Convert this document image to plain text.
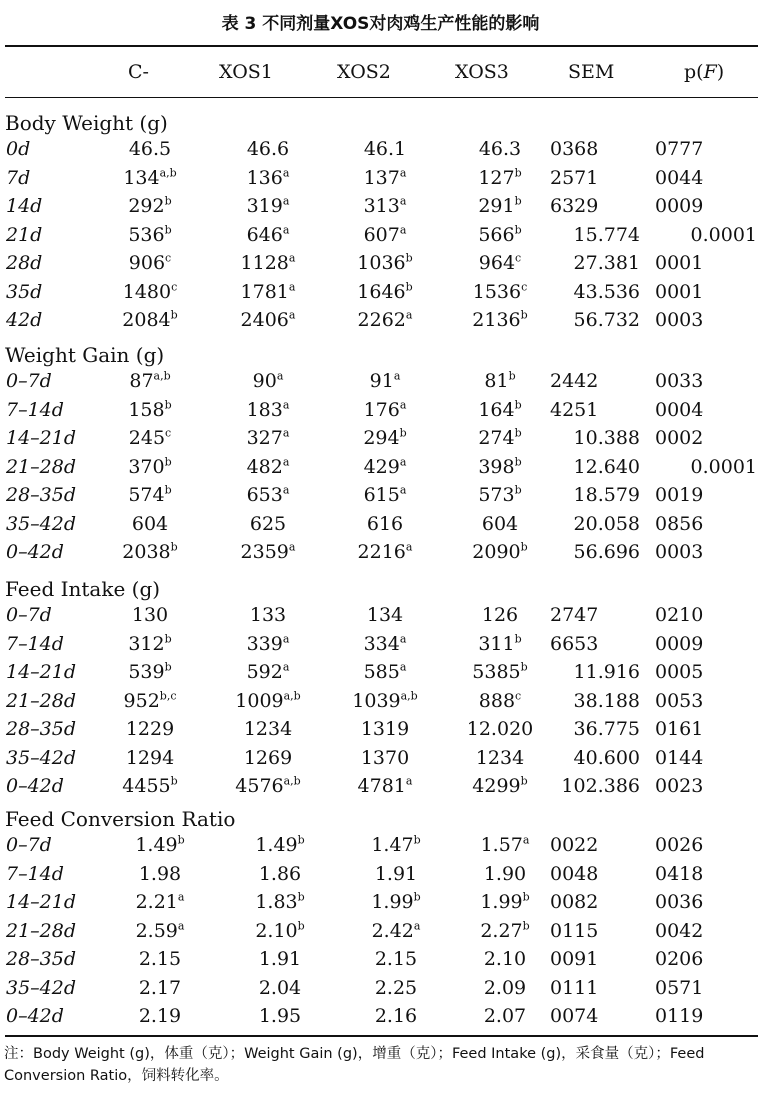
表 3 不同剂量XOS对肉鸡生产性能的影响
C-	XOS1	XOS2	XOS3	SEM	p(F)
Body Weight (g)
0d	46.5	46.6	46.1	46.3 0368	0777
7d	134$^{a,b}$	136$^a$	137$^a$	127$^b$ 2571	0044
14d	292$^b$	319$^a$	313$^a$	291$^b$ 6329	0009
21d	536$^b$	646$^a$	607$^a$	566$^b$	15.774	0.0001
28d	906$^c$	1128$^a$	1036$^b$	964$^c$	27.381 0001
35d	1480$^c$	1781$^a$	1646$^b$	1536$^c$ 43.536 0001
42d	2084$^b$	2406$^a$	2262$^a$	2136$^b$ 56.732 0003
Weight Gain (g)
0–7d	87$^{a,b}$	90$^a$	91$^a$	81$^b$ 2442	0033
7–14d	158$^b$	183$^a$	176$^a$	164$^b$ 4251	0004
14–21d	245$^c$	327$^a$	294$^b$	274$^b$	10.388 0002
21–28d	370$^b$	482$^a$	429$^a$	398$^b$	12.640	0.0001
28–35d	574$^b$	653$^a$	615$^a$	573$^b$	18.579 0019
35–42d	604	625	616	604	20.058 0856
0–42d	2038$^b$	2359$^a$	2216$^a$	2090$^b$ 56.696 0003
Feed Intake (g)
0–7d	130	133	134	126 2747	0210
7–14d	312$^b$	339$^a$	334$^a$	311$^b$ 6653	0009
14–21d	539$^b$	592$^a$	585$^a$	5385$^b$ 11.916 0005
21–28d 952$^{b,c}$	1009$^{a,b}$	1039$^{a,b}$	888$^c$	38.188 0053
28–35d	1229	1234	1319	12.020 36.775 0161
35–42d	1294	1269	1370	1234	40.600 0144
0–42d	4455$^b$	4576$^{a,b}$	4781$^a$	4299$^b$ 102.386 0023
Feed Conversion Ratio
0–7d	1.49$^b$	1.49$^b$	1.47$^b$	1.57$^a$ 0022	0026
7–14d	1.98	1.86	1.91	1.90 0048	0418
14–21d	2.21$^a$	1.83$^b$	1.99$^b$	1.99$^b$ 0082	0036
21–28d	2.59$^a$	2.10$^b$	2.42$^a$	2.27$^b$ 0115	0042
28–35d	2.15	1.91	2.15	2.10 0091	0206
35–42d	2.17	2.04	2.25	2.09 0111	0571
0–42d	2.19	1.95	2.16	2.07 0074	0119
注：Body Weight (g)，体重（克）；Weight Gain (g)，增重（克）；Feed Intake (g)，采食量（克）；Feed Conversion Ratio，饲料转化率。
